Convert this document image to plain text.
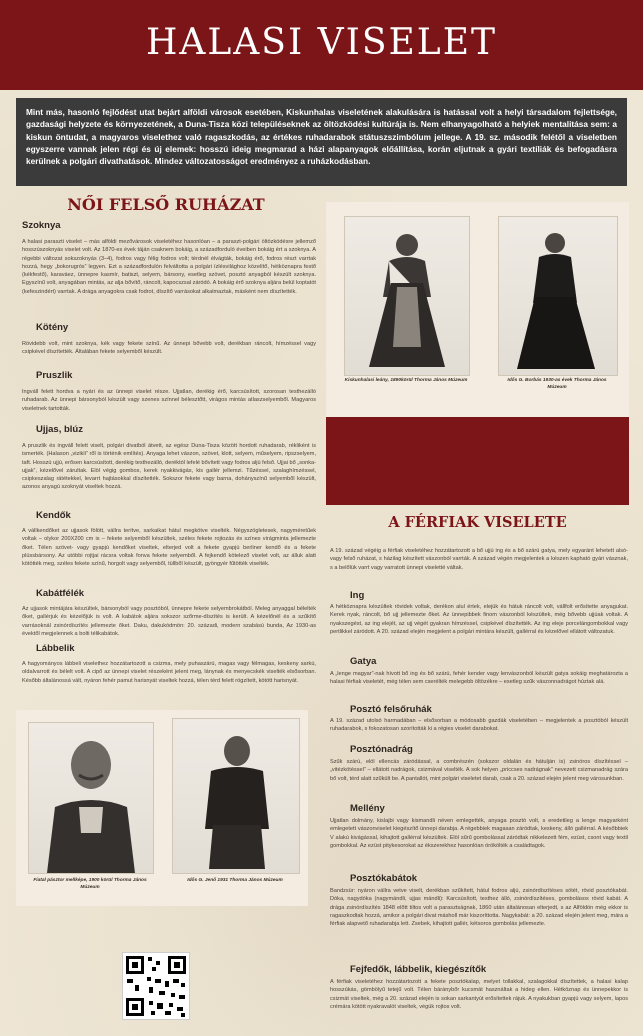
HALASI VISELET
Mint más, hasonló fejlődést utat bejárt alföldi városok esetében, Kiskunhalas viseletének alakulására is hatással volt a helyi társadalom fejlettsége, gazdasági helyzete és környezetének, a Duna-Tisza közi településeknek az öltözködési kultúrája is. Nem elhanyagolható a helyiek mentalitása sem: a kiskun öntudat, a magyaros viselethez való ragaszkodás, az értékes ruhadarabok státuszszimbólum jellege. A 19. sz. második felétől a viseletben egyszerre vannak jelen régi és új elemek: hosszú ideig megmarad a házi alapanyagok előállítása, korán eljutnak a gyári textíliák és befogadásra kerülnek a polgári divathatások. Mindez változatosságot eredményez a ruházkodásban.
NŐI FELSŐ RUHÁZAT
Szoknya
A halasi paraszti viselet – más alföldi mezővárosok viseletéhez hasonlóan – a paraszt-polgári öltözködésre jellemző hosszúszoknyás viselet volt. Az 1870-es évek táján csaknem bokáig, a századforduló éveiben bokáig ért a szoknya. A régebbi változat sokszoknyás (3–4), fodros vagy félig fodros volt; térdnél élvágták, bokáig érő, fodros részt varrtak hozzá, hegy „bokorugrós” legyen. Ezt a századfordulón felváltotta a polgári ízlésvilághoz közelítő, hétköznapra festő (kékfestő), karaváez, ünnepre kasmír, batiszt, selyem, bársony, esetleg szövet, posztó anyagból készült szoknya. Egyszínű volt, anyagában mintás, az alja bővítő, ráncolt, kapocszsal záródó. A bokáig érő szoknya aljára belül koptatót (kefeszindért) varrtak. A drága anyagokra csak fodrot, díszítő varrásokat alkalmaztak, másként nem díszítették.
Kötény
Rövidebb volt, mint szoknya, kék vagy fekete színű. Az ünnepi bővebb volt, derékban ráncolt, hímzéssel vagy csipkével díszítették. Általában fekete selyemből készült.
Pruszlik
Ingváll felett hordva a nyári és az ünnepi viselet része. Ujjatlan, derékig érő, karcsúsított, szorosan testhezálló ruhadarab. Az ünnepi bársonyból készült vagy szenes színnel bélesztőtt, virágos mintás atlaszselyemből. Magyaros viseletnek tartották.
Ujjas, blúz
A pruszlik és ingváll felett viselt, polgári divatból átvett, az egész Duna-Tisza között hordott ruhadarab, rékliként is ismerték. (Halason „vizikli” ről is történik említés). Anyaga lehet vászon, szövet, klott, selyem, műselyem, ripszselyem, taft. Hosszú ujjú, erősen karcsúsított, derékig testhezálló, deréktól lefelé bővített vagy fodros aljú felső. Ujjai bő „sonka-ujjak”, kézelővel zárultak. Elöl végig gombos, kerek nyakkivágás, kis gallér jellemzi. Tűzéssel, szalaghímzéssel, csipkeszalag rátétekkel, levarrt hajtásokkal díszítették. Sokszor fekete vagy barna, dohányszínű selyemből készült, azonos anyagú szoknyát viseltek hozzá.
Kendők
A vállkendőket az ujjasok fölött, vállra terítve, sarkaikat hátul megkötve viselték. Négyszögletesek, nagyméretűek voltak – olykor 200X200 cm is – fekete selyemből készültek, széles fekete rojtozás és színes virágminta jellemezte őket. Télen szövet- vagy gyapjú kendőket viseltek, elterjed volt a fekete gyapjú berliner kendő és a fekete plüssbársony. Az utóbbi rojtjai rácsra voltak fonva fekete selyemből. A fejkendő kötelező viselet volt, az álluk alatt kötötték meg, széles fekete színű, horgolt vagy selyemből, tüllből készült, gyöngyér fűtötték viselték.
Kabátfélék
Az ujjasok mintájára készültek, bársonyból vagy posztóból, ünnepre fekete selyembrokátból. Meleg anyaggal bélelték őket, gallérjuk és kézelőjük is volt. A kabátok aljára sokszor szőrme-díszítés is került. A kézelőnél és a szűkítő varrásoknál zsinórdíszítés jellemezte őket. Daku, dakukódmön: 20. századi, modern szabású bunda, Az 1930-as évektől megjelennek a bolti télikabátok.
Lábbelik
A hagyományos lábbeli viselethez hozzátartozott a csizma, mely puhaszárú, magas vagy félmagas, keskeny sarkú, oldalvarrott és bélelt volt. A cipő az ünnepi viselet részeként jelent meg, lánynak és menyecskék viselték elsősorban. Később általánossá vált, nyáron fehér pamut harisnyát viseltek hozzá, télen térd felett rögzített, kötött harisnyát.
Kiskunhalasi leány, 1890körül Thorma János Múzeum	Idős G. Borbás 1930-as évek Thorma János Múzeum
A FÉRFIAK VISELETE
A 19. század végéig a férfiak viseletéhez hozzátartozott a bő ujjú ing és a bő szárú gatya, mely egyaránt lehetett alsó- vagy felső ruházat, s házilag készített vászonból varrták. A század végén megjelentek a készen kapható gyári vásznak, s a belőlük varrt vagy varratott ünnepi viseletté váltak.
Ing
A hétköznapra készültek rövidek voltak, derékon alul értek, elejük és hátuk ráncolt volt, vállfolt erősítette anyagukat. Kerek nyak, ráncolt, bő ujj jellemezte őket. Az ünnepibbek finom vászonból készültek, még bővebb ujjúak voltak. A nyakszegést, az ing elejét, az ujj végét gyakran hímzéssel, csipkével díszítették. Az ing eleje porcelángombokkal vagy pertlikkel záródott. A 20. század elején megjelent a polgári mintára készült, gallérral és kézelővel ellátott változatuk.
Gatya
A „lenge magyar”-nak hívott bő ing és bő szárú, fehér kender vagy lenvászonból készült gatya sokáig meghatározta a halasi férfiak viseletét, még télen sem cserélték melegebb öltözékre – esetleg szűk vászonnadrágot húztak alá.
Posztó felsőruhák
A 19. század utolsó harmadában – elsősorban a módosabb gazdák viseletében – megjelentek a posztóból készült ruhadarabok, s fokozatosan szorították ki a régies viselet darabokat.
Posztónadrág
Szűk szárú, elöl ellencás záródással, a combrészén (sokszor oldalán és hátulján is) zsinóros díszítéssel – „vitézkötéssel” – ellátott nadrágok, csizmával viselték. A sok helyen „priccses nadrágnak” nevezett csizmanadrág szára bő volt, térd alatt szűkült be. A pantallót, mint polgári viseletet darab, csak a 20. század elején jelent meg városunkban.
Mellény
Ujjatlan dolmány, kislajbi vagy kismandli néven emlegették, anyaga posztó volt, s eredetileg a lenge magyarként emlegetett vászonviselet kiegészítő ünnepi darabja. A régebbiek magasan záródtak, keskeny, álló gallérral. A későbbiek V alakú kivágással, kihajtott gallérral készültek. Elöl sűrű gombolással záródtak nikkelezett fém, ezüst, csont vagy textil gombokkal. Az ezüst pitykesorokat az ékszerekhez hasonlóan örökölték a családtagok.
Posztókabátok
Bandzsür: nyáron vállra vetve viselt, derékban szűkített, hátul fodros aljú, zsinórdíszítéses sötét, rövid posztókabát. Dóka, nagydóka (nagymándli, ujjas mándli): Karcsúsított, testhez álló, zsinórdíszítéses, gombolásos rövid kabát. A drága zsinórdíszítés 1848 előtt tiltos volt a parasztságnak, 1860 után általánosan elterjedt, s az Alföldön még ekkor is ragaszkodtak hozzá, amikor a polgári divat másholl már kiszoríttotta. Nagykabát: a 20. század elején jelent meg, mára a férfiak alapvető ruhadarabja lett. Zsebek, kihajtott gallér, kétsoros gombolás jellemezte.
Fejfedők, lábbelik, kiegészítők
A férfiak viseletéhez hozzátartozott a fekete posztókalap, melyet tollakkal, szalagokkal díszítettek, a halasi kalap hosszúkás, gömbölyű tetejű volt. Télen báránybőr kucsmát használtak a hideg ellen. Hétköznap és ünnepekkor is csizmát viseltek, még a 20. század elején is sokan sarkantyút erősítettek rájuk. A nyakukban gyapjú vagy selyem, lapos crémára kötött nyakravalót viseltek, végük rojtos volt.
Fiatal pásztor mellképe, 1900 körül Thorma János Múzeum
Idős G. Jenő 1931 Thorma János Múzeum
